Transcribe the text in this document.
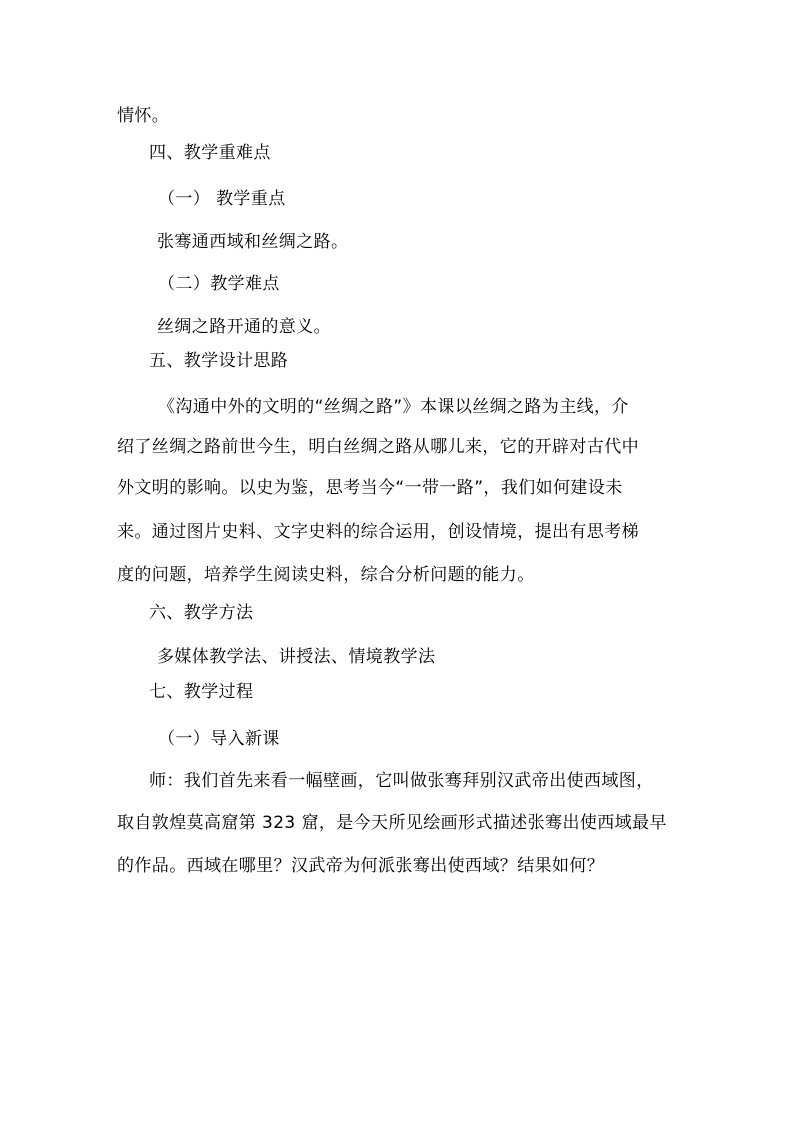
情怀。
四、教学重难点
（一） 教学重点
张骞通西域和丝绸之路。
（二）教学难点
丝绸之路开通的意义。
五、教学设计思路
《沟通中外的文明的“丝绸之路”》本课以丝绸之路为主线，介
绍了丝绸之路前世今生，明白丝绸之路从哪儿来，它的开辟对古代中
外文明的影响。以史为鉴，思考当今“一带一路”，我们如何建设未
来。通过图片史料、文字史料的综合运用，创设情境，提出有思考梯
度的问题，培养学生阅读史料，综合分析问题的能力。
六、教学方法
多媒体教学法、讲授法、情境教学法
七、教学过程
（一）导入新课
师：我们首先来看一幅壁画，它叫做张骞拜别汉武帝出使西域图，
取自敦煌莫高窟第 323 窟，是今天所见绘画形式描述张骞出使西域最早
的作品。西域在哪里？汉武帝为何派张骞出使西域？结果如何？
